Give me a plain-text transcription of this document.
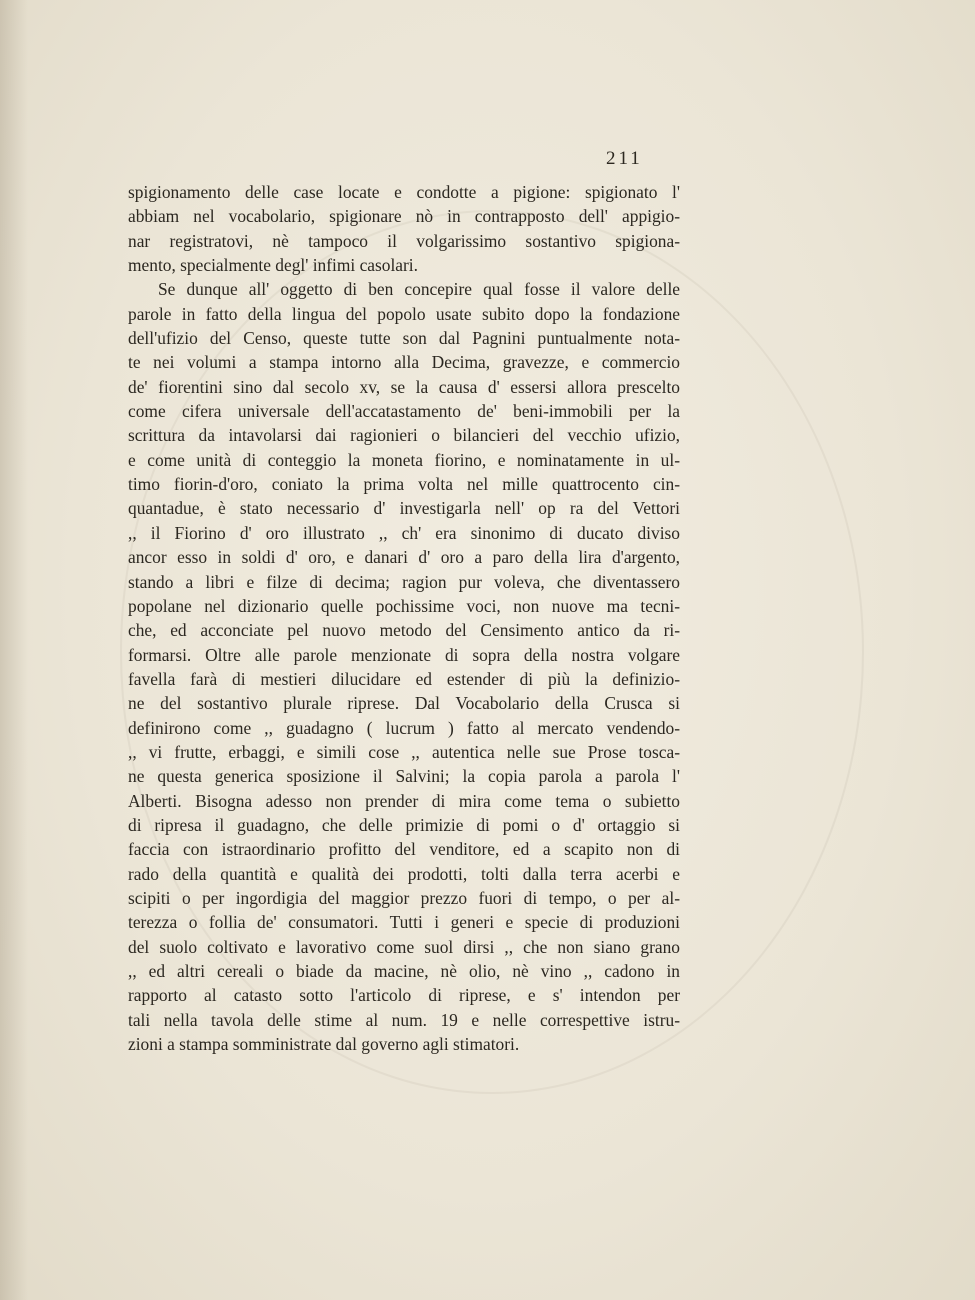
211
spigionamento delle case locate e condotte a pigione: spigionato l'
abbiam nel vocabolario, spigionare nò in contrapposto dell' appigio-
nar registratovi, nè tampoco il volgarissimo sostantivo spigiona-
mento, specialmente degl' infimi casolari.
Se dunque all' oggetto di ben concepire qual fosse il valore delle
parole in fatto della lingua del popolo usate subito dopo la fondazione
dell'ufizio del Censo, queste tutte son dal Pagnini puntualmente nota-
te nei volumi a stampa intorno alla Decima, gravezze, e commercio
de' fiorentini sino dal secolo xv, se la causa d' essersi allora prescelto
come cifera universale dell'accatastamento de' beni-immobili per la
scrittura da intavolarsi dai ragionieri o bilancieri del vecchio ufizio,
e come unità di conteggio la moneta fiorino, e nominatamente in ul-
timo fiorin-d'oro, coniato la prima volta nel mille quattrocento cin-
quantadue, è stato necessario d' investigarla nell' op ra del Vettori
,, il Fiorino d' oro illustrato ,, ch' era sinonimo di ducato diviso
ancor esso in soldi d' oro, e danari d' oro a paro della lira d'argento,
stando a libri e filze di decima; ragion pur voleva, che diventassero
popolane nel dizionario quelle pochissime voci, non nuove ma tecni-
che, ed acconciate pel nuovo metodo del Censimento antico da ri-
formarsi. Oltre alle parole menzionate di sopra della nostra volgare
favella farà di mestieri dilucidare ed estender di più la definizio-
ne del sostantivo plurale riprese. Dal Vocabolario della Crusca si
definirono come ,, guadagno ( lucrum ) fatto al mercato vendendo-
,, vi frutte, erbaggi, e simili cose ,, autentica nelle sue Prose tosca-
ne questa generica sposizione il Salvini; la copia parola a parola l'
Alberti. Bisogna adesso non prender di mira come tema o subietto
di ripresa il guadagno, che delle primizie di pomi o d' ortaggio si
faccia con istraordinario profitto del venditore, ed a scapito non di
rado della quantità e qualità dei prodotti, tolti dalla terra acerbi e
scipiti o per ingordigia del maggior prezzo fuori di tempo, o per al-
terezza o follia de' consumatori. Tutti i generi e specie di produzioni
del suolo coltivato e lavorativo come suol dirsi ,, che non siano grano
,, ed altri cereali o biade da macine, nè olio, nè vino ,, cadono in
rapporto al catasto sotto l'articolo di riprese, e s' intendon per
tali nella tavola delle stime al num. 19 e nelle correspettive istru-
zioni a stampa somministrate dal governo agli stimatori.
